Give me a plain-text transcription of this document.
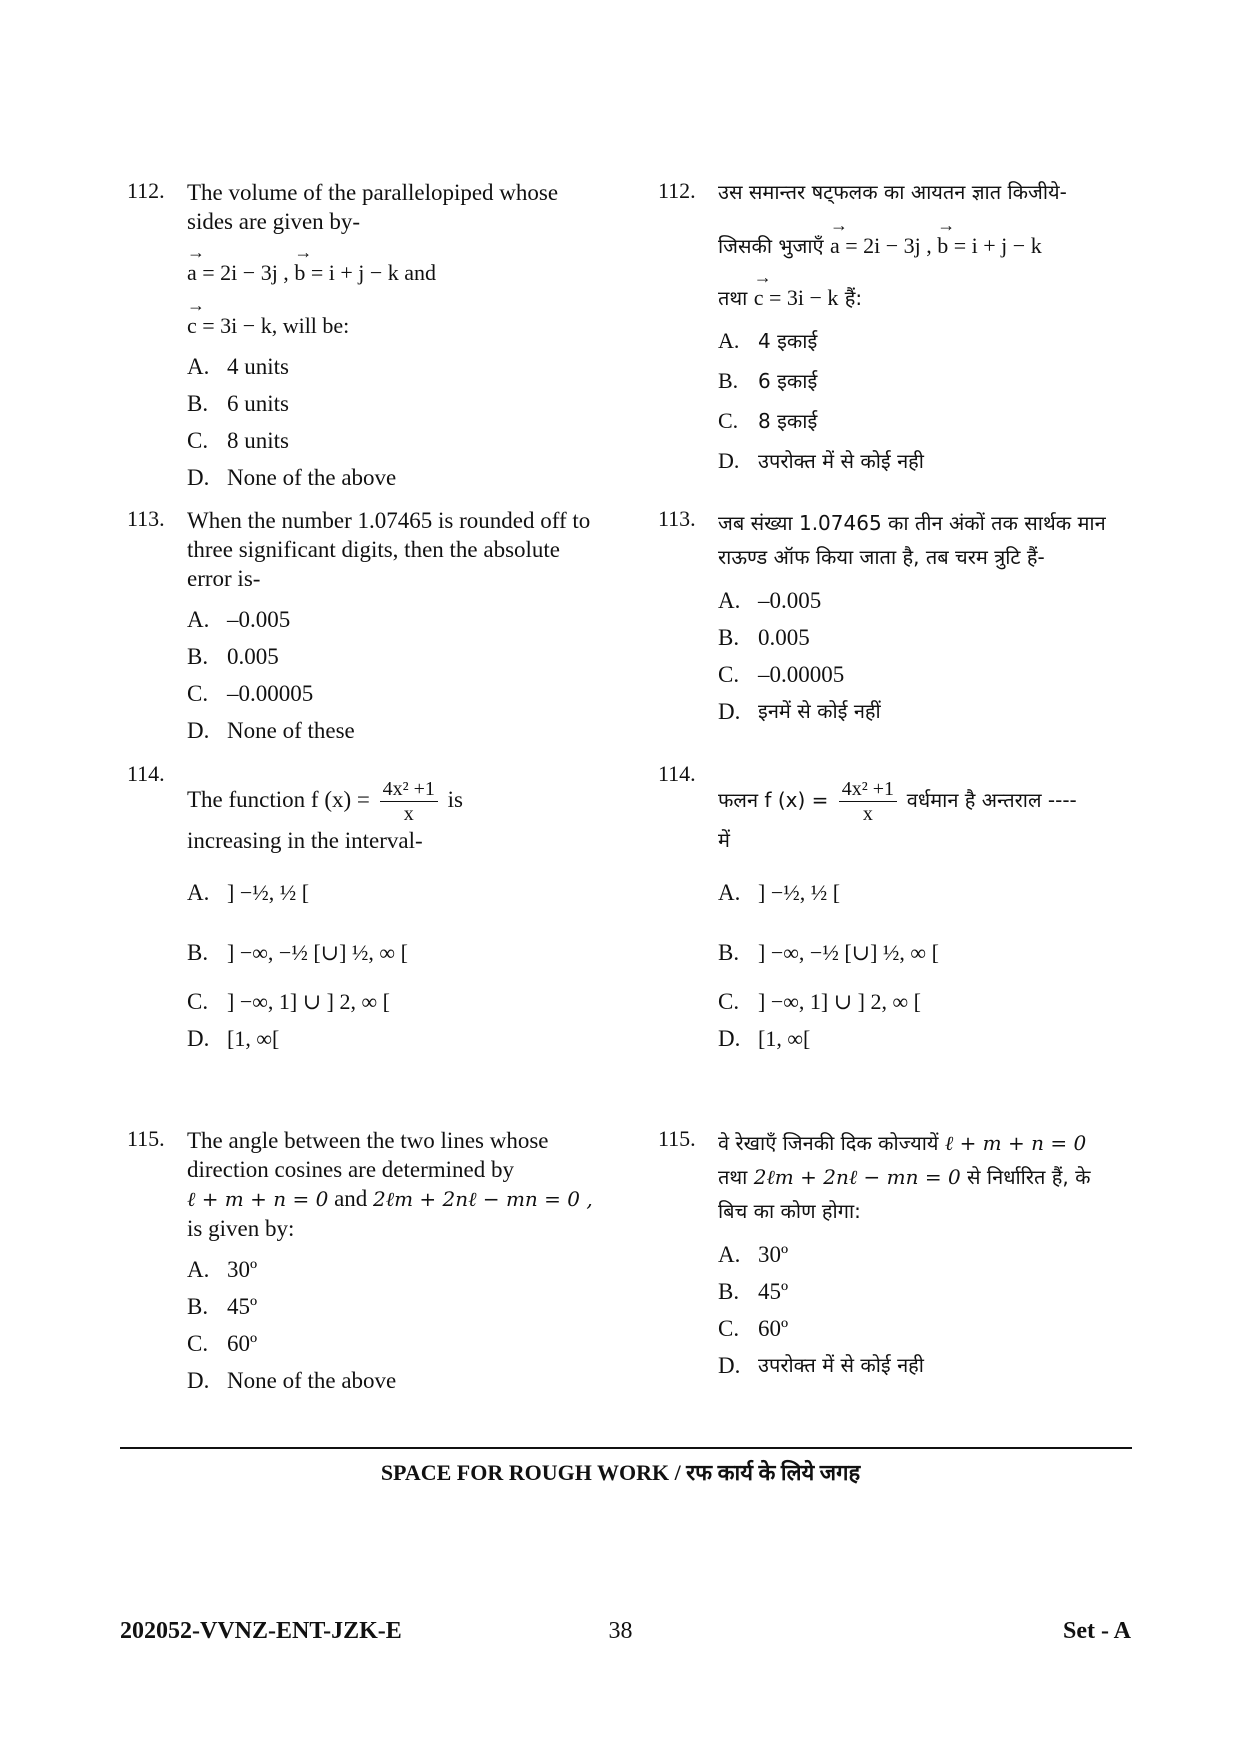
112. The volume of the parallelopiped whose sides are given by-
→ a = 2i − 3j , → b = i + j − k and
→ c = 3i − k, will be:
A. 4 units
B. 6 units
C. 8 units
D. None of the above
113. When the number 1.07465 is rounded off to three significant digits, then the absolute error is-
A. –0.005
B. 0.005
C. –0.00005
D. None of these
114.
The function f $(x) = \frac{\text{4x² +1}}{x}$ is
increasing in the interval-
A. ] −½, ½ [
B. ] −∞, −½ [∪] ½, ∞ [
C. ] −∞, 1] ∪ ] 2, ∞ [
D. [1, ∞[
115. The angle between the two lines whose direction cosines are determined by
ℓ + m + n = 0 and 2ℓm + 2nℓ − mn = 0 ,
is given by:
A. 30º
B. 45º
C. 60º
D. None of the above
112. उस समान्तर षट्फलक का आयतन ज्ञात किजीये-
जिसकी भुजाएँ → a = 2i − 3j , → b = i + j − k
तथा → c = 3i − k हैं:
A. 4 इकाई
B. 6 इकाई
C. 8 इकाई
D. उपरोक्त में से कोई नही
113. जब संख्या 1.07465 का तीन अंकों तक सार्थक मान राऊण्ड ऑफ किया जाता है, तब चरम त्रुटि हैं-
A. –0.005
B. 0.005
C. –0.00005
D. इनमें से कोई नहीं
114.
फलन f $(x) = \frac{\text{4x² +1}}{x}$ वर्धमान है अन्तराल ----
में
A. ] −½, ½ [
B. ] −∞, −½ [∪] ½, ∞ [
C. ] −∞, 1] ∪ ] 2, ∞ [
D. [1, ∞[
115. वे रेखाएँ जिनकी दिक कोज्यायें ℓ + m + n = 0
तथा 2ℓm + 2nℓ − mn = 0 से निर्धारित हैं, के
बिच का कोण होगा:
A. 30º
B. 45º
C. 60º
D. उपरोक्त में से कोई नही
SPACE FOR ROUGH WORK / रफ कार्य के लिये जगह
202052-VVNZ-ENT-JZK-E	38	Set - A
